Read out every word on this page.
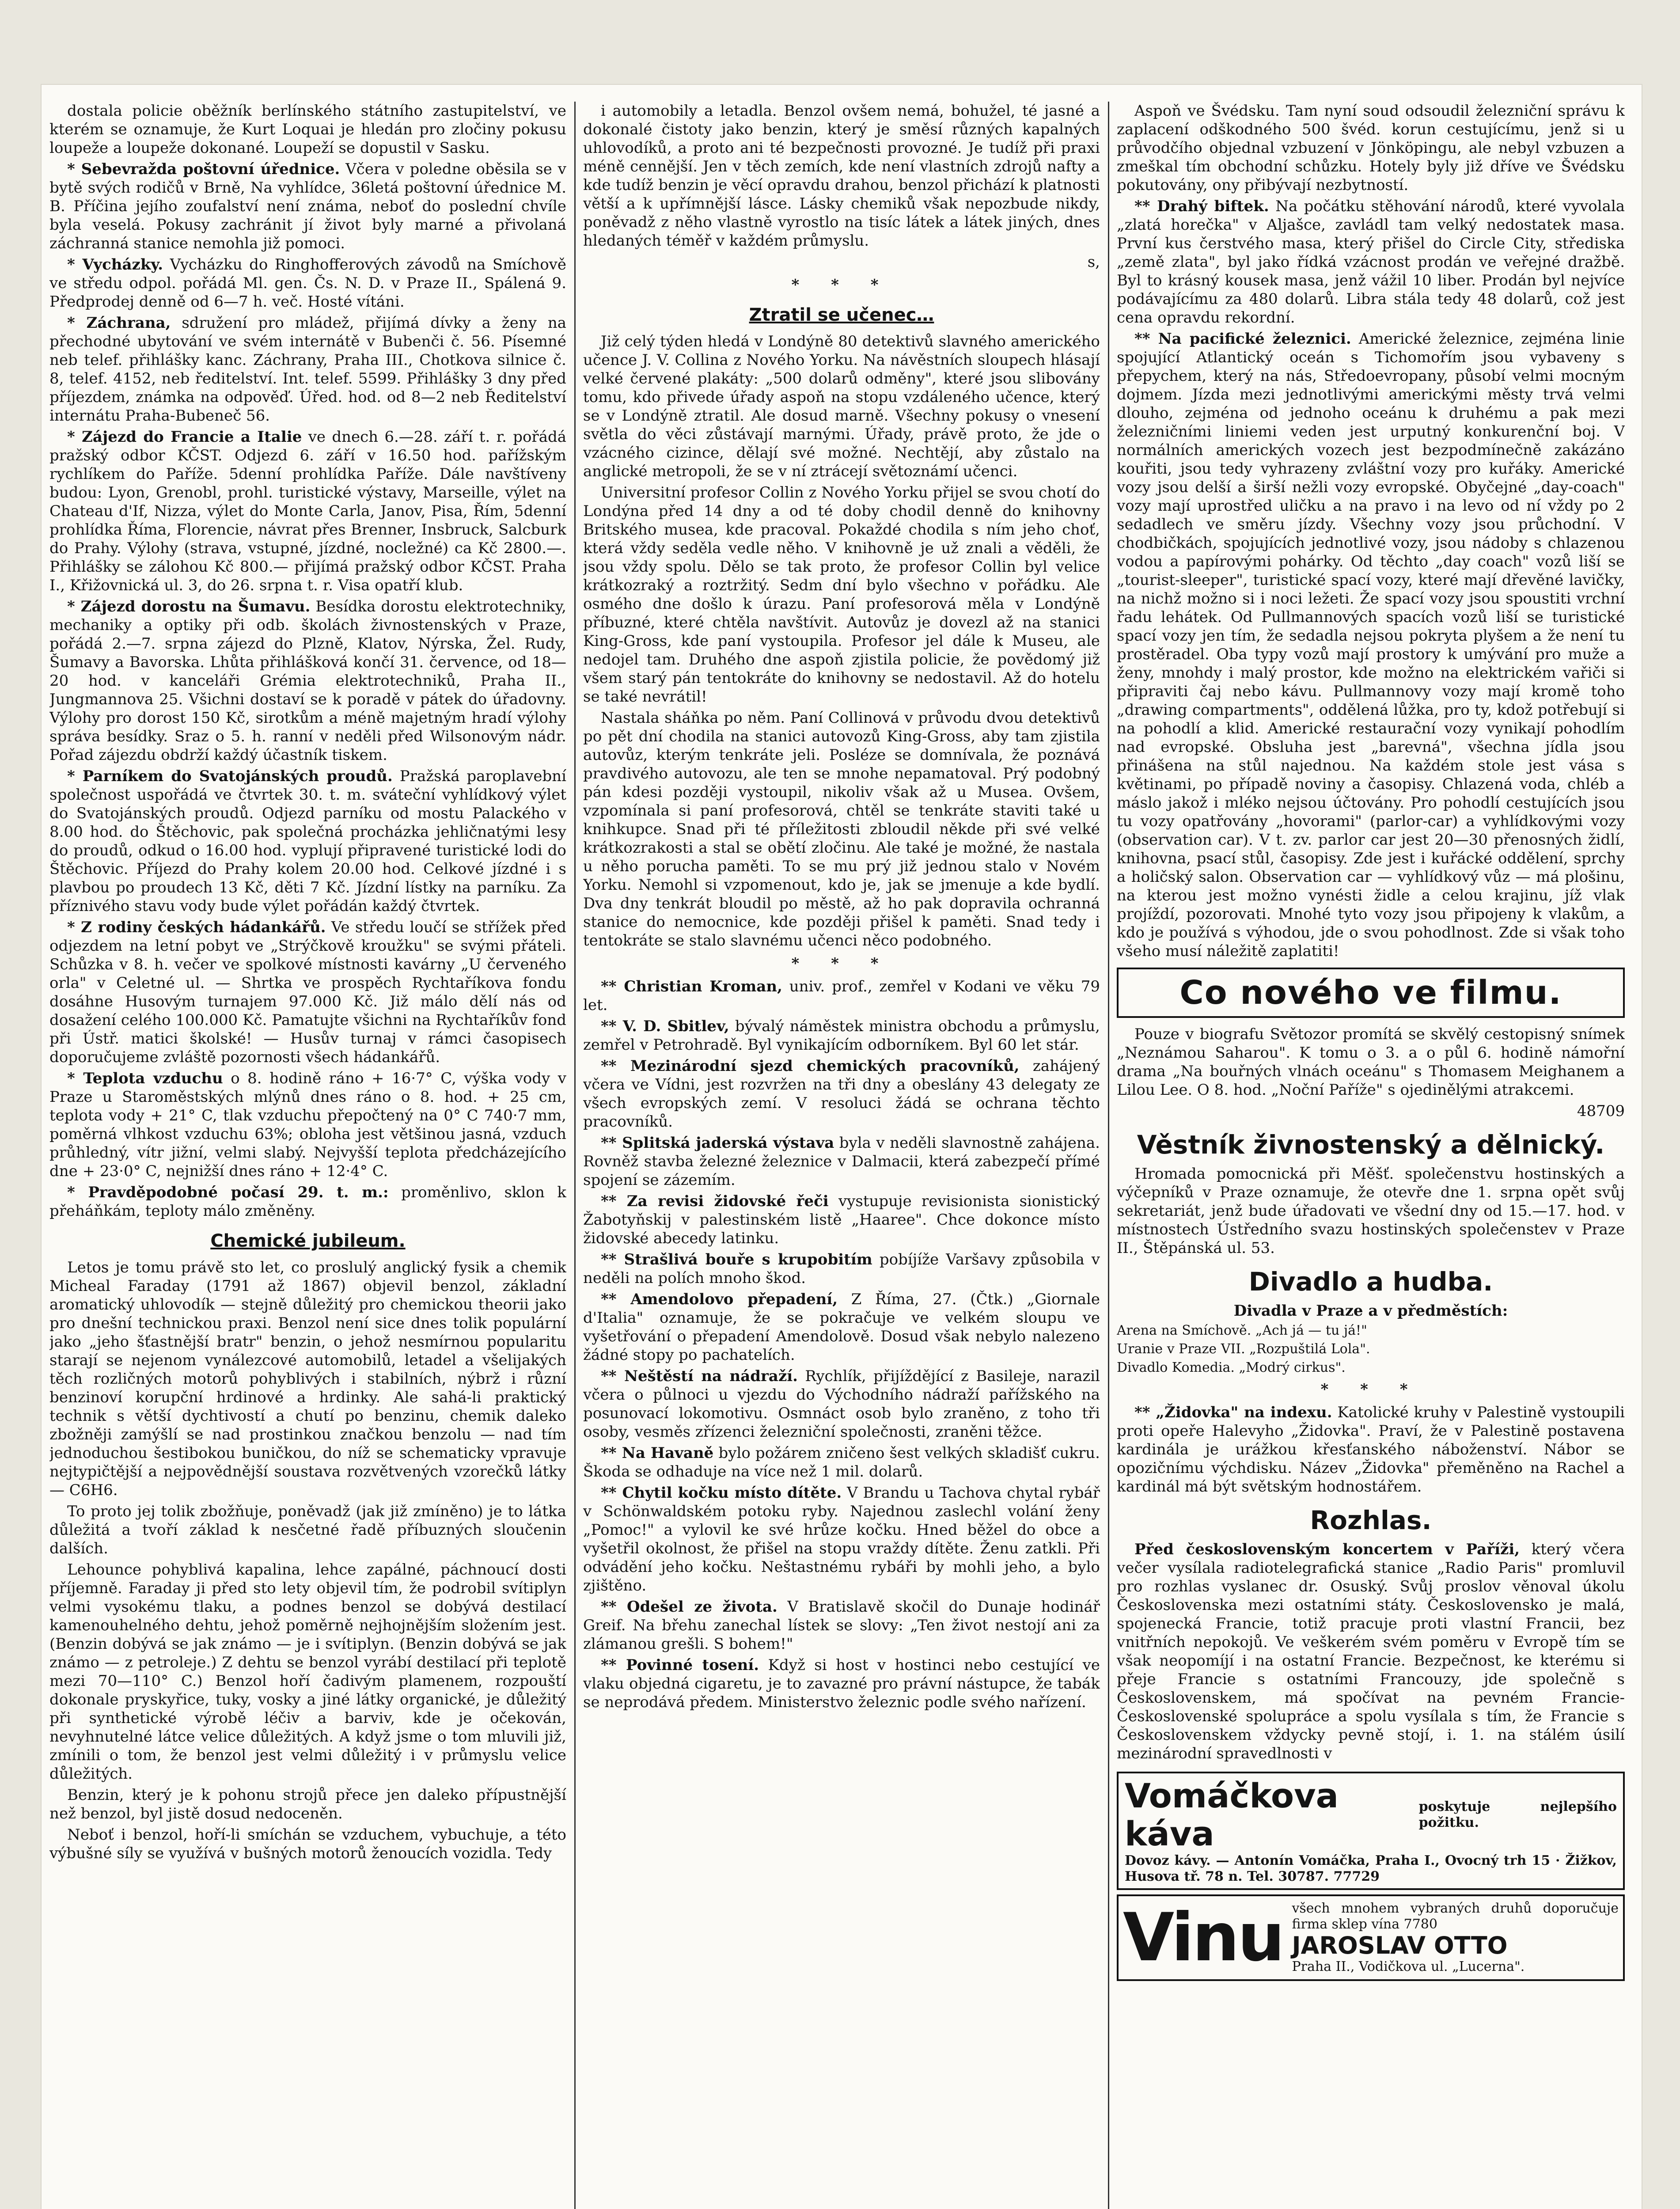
dostala policie oběžník berlínského státního zastupitelství, ve kterém se oznamuje, že Kurt Loquai je hledán pro zločiny pokusu loupeže a loupeže dokonané. Loupeží se dopustil v Sasku.

* Sebevražda poštovní úřednice. Včera v poledne oběsila se v bytě svých rodičů v Brně, Na vyhlídce, 36letá poštovní úřednice M. B. Příčina jejího zoufalství není známa, neboť do poslední chvíle byla veselá. Pokusy zachránit jí život byly marné a přivolaná záchranná stanice nemohla již pomoci.

* Vycházky. Vycházku do Ringhofferových závodů na Smíchově ve středu odpol. pořádá Ml. gen. Čs. N. D. v Praze II., Spálená 9. Předprodej denně od 6—7 h. več. Hosté vítáni.

* Záchrana, sdružení pro mládež, přijímá dívky a ženy na přechodné ubytování ve svém internátě v Bubenči č. 56. Písemné neb telef. přihlášky kanc. Záchrany, Praha III., Chotkova silnice č. 8, telef. 4152, neb ředitelství. Int. telef. 5599. Přihlášky 3 dny před příjezdem, známka na odpověď. Úřed. hod. od 8—2 neb Ředitelství internátu Praha-Bubeneč 56.

* Zájezd do Francie a Italie ve dnech 6.—28. září t. r. pořádá pražský odbor KČST. Odjezd 6. září v 16.50 hod. pařížským rychlíkem do Paříže. 5denní prohlídka Paříže. Dále navštíveny budou: Lyon, Grenobl, prohl. turistické výstavy, Marseille, výlet na Chateau d'If, Nizza, výlet do Monte Carla, Janov, Pisa, Řím, 5denní prohlídka Říma, Florencie, návrat přes Brenner, Insbruck, Salcburk do Prahy. Výlohy (strava, vstupné, jízdné, nocležné) ca Kč 2800.—. Přihlášky se zálohou Kč 800.— přijímá pražský odbor KČST. Praha I., Křižovnická ul. 3, do 26. srpna t. r. Visa opatří klub.

* Zájezd dorostu na Šumavu. Besídka dorostu elektrotechniky, mechaniky a optiky při odb. školách živnostenských v Praze, pořádá 2.—7. srpna zájezd do Plzně, Klatov, Nýrska, Žel. Rudy, Šumavy a Bavorska. Lhůta přihlášková končí 31. července, od 18—20 hod. v kanceláři Grémia elektrotechniků, Praha II., Jungmannova 25. Všichni dostaví se k poradě v pátek do úřadovny. Výlohy pro dorost 150 Kč, sirotkům a méně majetným hradí výlohy správa besídky. Sraz o 5. h. ranní v neděli před Wilsonovým nádr. Pořad zájezdu obdrží každý účastník tiskem.

* Parníkem do Svatojánských proudů. Pražská paroplavební společnost uspořádá ve čtvrtek 30. t. m. sváteční vyhlídkový výlet do Svatojánských proudů. Odjezd parníku od mostu Palackého v 8.00 hod. do Štěchovic, pak společná procházka jehličnatými lesy do proudů, odkud o 16.00 hod. vyplují připravené turistické lodi do Štěchovic. Příjezd do Prahy kolem 20.00 hod. Celkové jízdné i s plavbou po proudech 13 Kč, děti 7 Kč. Jízdní lístky na parníku. Za příznivého stavu vody bude výlet pořádán každý čtvrtek.

* Z rodiny českých hádankářů. Ve středu loučí se střížek před odjezdem na letní pobyt ve „Strýčkově kroužku" se svými přáteli. Schůzka v 8. h. večer ve spolkové místnosti kavárny „U červeného orla" v Celetné ul. — Shrtka ve prospěch Rychtaříkova fondu dosáhne Husovým turnajem 97.000 Kč. Již málo dělí nás od dosažení celého 100.000 Kč. Pamatujte všichni na Rychtaříkův fond při Ústř. matici školské! — Husův turnaj v rámci časopisech doporučujeme zvláště pozornosti všech hádankářů.

* Teplota vzduchu o 8. hodině ráno + 16·7° C, výška vody v Praze u Staroměstských mlýnů dnes ráno o 8. hod. + 25 cm, teplota vody + 21° C, tlak vzduchu přepočtený na 0° C 740·7 mm, poměrná vlhkost vzduchu 63%; obloha jest většinou jasná, vzduch průhledný, vítr jižní, velmi slabý. Nejvyšší teplota předcházejícího dne + 23·0° C, nejnižší dnes ráno + 12·4° C.

* Pravděpodobné počasí 29. t. m.: proměnlivo, sklon k přeháňkám, teploty málo změněny.

Chemické jubileum.

Letos je tomu právě sto let, co proslulý anglický fysik a chemik Micheal Faraday (1791 až 1867) objevil benzol, základní aromatický uhlovodík — stejně důležitý pro chemickou theorii jako pro dnešní technickou praxi. Benzol není sice dnes tolik populární jako „jeho šťastnější bratr" benzin, o jehož nesmírnou popularitu starají se nejenom vynálezcové automobilů, letadel a všelijakých těch rozličných motorů pohyblivých i stabilních, nýbrž i různí benzinoví korupční hrdinové a hrdinky. Ale sahá-li praktický technik s větší dychtivostí a chutí po benzinu, chemik daleko zbožněji zamýšlí se nad prostinkou značkou benzolu — nad tím jednoduchou šestibokou buničkou, do níž se schematicky vpravuje nejtypičtější a nejpovědnější soustava rozvětvených vzorečků látky — C6H6.

To proto jej tolik zbožňuje, poněvadž (jak již zmíněno) je to látka důležitá a tvoří základ k nesčetné řadě příbuzných sloučenin dalších.

Lehounce pohyblivá kapalina, lehce zapálné, páchnoucí dosti příjemně. Faraday ji před sto lety objevil tím, že podrobil svítiplyn velmi vysokému tlaku, a podnes benzol se dobývá destilací kamenouhelného dehtu, jehož poměrně nejhojnějším složením jest. (Benzin dobývá se jak známo — je i svítiplyn. (Benzin dobývá se jak známo — z petroleje.) Z dehtu se benzol vyrábí destilací při teplotě mezi 70—110° C.) Benzol hoří čadivým plamenem, rozpouští dokonale pryskyřice, tuky, vosky a jiné látky organické, je důležitý při synthetické výrobě léčiv a barviv, kde je očekován, nevyhnutelné látce velice důležitých. A když jsme o tom mluvili již, zmínili o tom, že benzol jest velmi důležitý i v průmyslu velice důležitých.

Benzin, který je k pohonu strojů přece jen daleko přípustnější než benzol, byl jistě dosud nedoceněn.

Neboť i benzol, hoří-li smíchán se vzduchem, vybuchuje, a této výbušné síly se využívá v bušných motorů ženoucích vozidla. Tedy

i automobily a letadla. Benzol ovšem nemá, bohužel, té jasné a dokonalé čistoty jako benzin, který je směsí různých kapalných uhlovodíků, a proto ani té bezpečnosti provozné. Je tudíž při praxi méně cennější. Jen v těch zemích, kde není vlastních zdrojů nafty a kde tudíž benzin je věcí opravdu drahou, benzol přichází k platnosti větší a k upřímnější lásce. Lásky chemiků však nepozbude nikdy, poněvadž z něho vlastně vyrostlo na tisíc látek a látek jiných, dnes hledaných téměř v každém průmyslu.

s,

* * *
Ztratil se učenec…

Již celý týden hledá v Londýně 80 detektivů slavného amerického učence J. V. Collina z Nového Yorku. Na návěstních sloupech hlásají velké červené plakáty: „500 dolarů odměny", které jsou slibovány tomu, kdo přivede úřady aspoň na stopu vzdáleného učence, který se v Londýně ztratil. Ale dosud marně. Všechny pokusy o vnesení světla do věci zůstávají marnými. Úřady, právě proto, že jde o vzácného cizince, dělají své možné. Nechtějí, aby zůstalo na anglické metropoli, že se v ní ztrácejí světoznámí učenci.

Universitní profesor Collin z Nového Yorku přijel se svou chotí do Londýna před 14 dny a od té doby chodil denně do knihovny Britského musea, kde pracoval. Pokaždé chodila s ním jeho choť, která vždy seděla vedle něho. V knihovně je už znali a věděli, že jsou vždy spolu. Dělo se tak proto, že profesor Collin byl velice krátkozraký a roztržitý. Sedm dní bylo všechno v pořádku. Ale osmého dne došlo k úrazu. Paní profesorová měla v Londýně příbuzné, které chtěla navštívit. Autovůz je dovezl až na stanici King-Gross, kde paní vystoupila. Profesor jel dále k Museu, ale nedojel tam. Druhého dne aspoň zjistila policie, že povědomý již všem starý pán tentokráte do knihovny se nedostavil. Až do hotelu se také nevrátil!

Nastala sháňka po něm. Paní Collinová v průvodu dvou detektivů po pět dní chodila na stanici autovozů King-Gross, aby tam zjistila autovůz, kterým tenkráte jeli. Posléze se domnívala, že poznává pravdivého autovozu, ale ten se mnohe nepamatoval. Prý podobný pán kdesi později vystoupil, nikoliv však až u Musea. Ovšem, vzpomínala si paní profesorová, chtěl se tenkráte staviti také u knihkupce. Snad při té příležitosti zbloudil někde při své velké krátkozrakosti a stal se obětí zločinu. Ale také je možné, že nastala u něho porucha paměti. To se mu prý již jednou stalo v Novém Yorku. Nemohl si vzpomenout, kdo je, jak se jmenuje a kde bydlí. Dva dny tenkrát bloudil po městě, až ho pak dopravila ochranná stanice do nemocnice, kde později přišel k paměti. Snad tedy i tentokráte se stalo slavnému učenci něco podobného.

* * *

** Christian Kroman, univ. prof., zemřel v Kodani ve věku 79 let.

** V. D. Sbitlev, bývalý náměstek ministra obchodu a průmyslu, zemřel v Petrohradě. Byl vynikajícím odborníkem. Byl 60 let stár.

** Mezinárodní sjezd chemických pracovníků, zahájený včera ve Vídni, jest rozvržen na tři dny a obeslány 43 delegaty ze všech evropských zemí. V resoluci žádá se ochrana těchto pracovníků.

** Splitská jaderská výstava byla v neděli slavnostně zahájena. Rovněž stavba železné železnice v Dalmacii, která zabezpečí přímé spojení se zázemím.

** Za revisi židovské řeči vystupuje revisionista sionistický Žabotyňskij v palestinském listě „Haaree". Chce dokonce místo židovské abecedy latinku.

** Strašlivá bouře s krupobitím pobíjíže Varšavy způsobila v neděli na polích mnoho škod.

** Amendolovo přepadení, Z Říma, 27. (Čtk.) „Giornale d'Italia" oznamuje, že se pokračuje ve velkém sloupu ve vyšetřování o přepadení Amendolově. Dosud však nebylo nalezeno žádné stopy po pachatelích.

** Neštěstí na nádraží. Rychlík, přijíždějící z Basileje, narazil včera o půlnoci u vjezdu do Východního nádraží pařížského na posunovací lokomotivu. Osmnáct osob bylo zraněno, z toho tři osoby, vesměs zřízenci železniční společnosti, zraněni těžce.

** Na Havaně bylo požárem zničeno šest velkých skladišť cukru. Škoda se odhaduje na více než 1 mil. dolarů.

** Chytil kočku místo dítěte. V Brandu u Tachova chytal rybář v Schönwaldském potoku ryby. Najednou zaslechl volání ženy „Pomoc!" a vylovil ke své hrůze kočku. Hned běžel do obce a vyšetřil okolnost, že přišel na stopu vraždy dítěte. Ženu zatkli. Při odvádění jeho kočku. Neštastnému rybáři by mohli jeho, a bylo zjištěno.

** Odešel ze života. V Bratislavě skočil do Dunaje hodinář Greif. Na břehu zanechal lístek se slovy: „Ten život nestojí ani za zlámanou grešli. S bohem!"

** Povinné tosení. Když si host v hostinci nebo cestující ve vlaku objedná cigaretu, je to zavazné pro právní nástupce, že tabák se neprodává předem. Ministerstvo železnic podle svého nařízení.

Aspoň ve Švédsku. Tam nyní soud odsoudil železniční správu k zaplacení odškodného 500 švéd. korun cestujícímu, jenž si u průvodčího objednal vzbuzení v Jönköpingu, ale nebyl vzbuzen a zmeškal tím obchodní schůzku. Hotely byly již dříve ve Švédsku pokutovány, ony přibývají nezbytností.

** Drahý biftek. Na počátku stěhování národů, které vyvolala „zlatá horečka" v Aljašce, zavládl tam velký nedostatek masa. První kus čerstvého masa, který přišel do Circle City, střediska „země zlata", byl jako řídká vzácnost prodán ve veřejné dražbě. Byl to krásný kousek masa, jenž vážil 10 liber. Prodán byl nejvíce podávajícímu za 480 dolarů. Libra stála tedy 48 dolarů, což jest cena opravdu rekordní.

** Na pacifické železnici. Americké železnice, zejména linie spojující Atlantický oceán s Tichomořím jsou vybaveny s přepychem, který na nás, Středoevropany, působí velmi mocným dojmem. Jízda mezi jednotlivými americkými městy trvá velmi dlouho, zejména od jednoho oceánu k druhému a pak mezi železničními liniemi veden jest urputný konkurenční boj. V normálních amerických vozech jest bezpodmínečně zakázáno kouřiti, jsou tedy vyhrazeny zvláštní vozy pro kuřáky. Americké vozy jsou delší a širší nežli vozy evropské. Obyčejné „day-coach" vozy mají uprostřed uličku a na pravo i na levo od ní vždy po 2 sedadlech ve směru jízdy. Všechny vozy jsou průchodní. V chodbičkách, spojujících jednotlivé vozy, jsou nádoby s chlazenou vodou a papírovými pohárky. Od těchto „day coach" vozů liší se „tourist-sleeper", turistické spací vozy, které mají dřevěné lavičky, na nichž možno si i noci ležeti. Že spací vozy jsou spoustiti vrchní řadu lehátek. Od Pullmannových spacích vozů liší se turistické spací vozy jen tím, že sedadla nejsou pokryta plyšem a že není tu prostěradel. Oba typy vozů mají prostory k umývání pro muže a ženy, mnohdy i malý prostor, kde možno na elektrickém vařiči si připraviti čaj nebo kávu. Pullmannovy vozy mají kromě toho „drawing compartments", oddělená lůžka, pro ty, kdož potřebují si na pohodlí a klid. Americké restaurační vozy vynikají pohodlím nad evropské. Obsluha jest „barevná", všechna jídla jsou přinášena na stůl najednou. Na každém stole jest vása s květinami, po případě noviny a časopisy. Chlazená voda, chléb a máslo jakož i mléko nejsou účtovány. Pro pohodlí cestujících jsou tu vozy opatřovány „hovorami" (parlor-car) a vyhlídkovými vozy (observation car). V t. zv. parlor car jest 20—30 přenosných židlí, knihovna, psací stůl, časopisy. Zde jest i kuřácké oddělení, sprchy a holičský salon. Observation car — vyhlídkový vůz — má plošinu, na kterou jest možno vynésti židle a celou krajinu, jíž vlak projíždí, pozorovati. Mnohé tyto vozy jsou připojeny k vlakům, a kdo je používá s výhodou, jde o svou pohodlnost. Zde si však toho všeho musí náležitě zaplatiti!

Co nového ve filmu.

Pouze v biografu Světozor promítá se skvělý cestopisný snímek „Neznámou Saharou". K tomu o 3. a o půl 6. hodině námořní drama „Na bouřných vlnách oceánu" s Thomasem Meighanem a Lilou Lee. O 8. hod. „Noční Paříže" s ojedinělými atrakcemi.

48709

Věstník živnostenský a dělnický.

Hromada pomocnická při Měšť. společenstvu hostinských a výčepníků v Praze oznamuje, že otevře dne 1. srpna opět svůj sekretariát, jenž bude úřadovati ve všední dny od 15.—17. hod. v místnostech Ústředního svazu hostinských společenstev v Praze II., Štěpánská ul. 53.

Divadlo a hudba.

Divadla v Praze a v předměstích:

Arena na Smíchově. „Ach já — tu já!"

Uranie v Praze VII. „Rozpuštilá Lola".

Divadlo Komedia. „Modrý cirkus".

* * *

** „Židovka" na indexu. Katolické kruhy v Palestině vystoupili proti opeře Halevyho „Židovka". Praví, že v Palestině postavena kardinála je urážkou křesťanského náboženství. Nábor se opozičnímu výchdisku. Název „Židovka" přeměněno na Rachel a kardinál má být světským hodnostářem.

Rozhlas.

Před československým koncertem v Paříži, který včera večer vysílala radiotelegrafická stanice „Radio Paris" promluvil pro rozhlas vyslanec dr. Osuský. Svůj proslov věnoval úkolu Československa mezi ostatními státy. Československo je malá, spojenecká Francie, totiž pracuje proti vlastní Francii, bez vnitřních nepokojů. Ve veškerém svém poměru v Evropě tím se však neopomíjí i na ostatní Francie. Bezpečnost, ke kterému si přeje Francie s ostatními Francouzy, jde společně s Československem, má spočívat na pevném Francie-Československé spolupráce a spolu vysílala s tím, že Francie s Československem vždycky pevně stojí, i. 1. na stálém úsilí mezinárodní spravedlnosti v

Vomáčkova káva
poskytuje nejlepšího požitku.
Dovoz kávy. — Antonín Vomáčka, Praha I., Ovocný trh 15 · Žižkov, Husova tř. 78 n. Tel. 30787. 77729
Vinu všech mnohem vybraných druhů doporučuje firma sklep vína 7780
JAROSLAV OTTO
Praha II., Vodičkova ul. „Lucerna".
